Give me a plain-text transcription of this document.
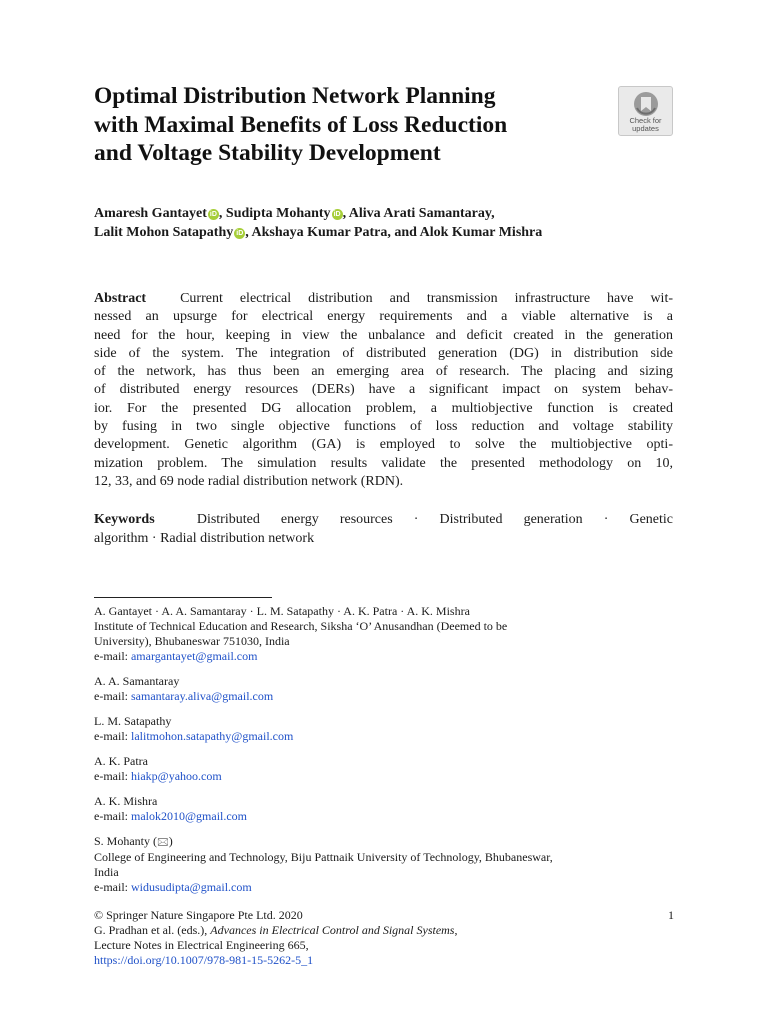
Optimal Distribution Network Planning
with Maximal Benefits of Loss Reduction
and Voltage Stability Development
Check for
updates
Amaresh Gantayet iD , Sudipta Mohanty iD , Aliva Arati Samantaray,
Lalit Mohon Satapathy iD , Akshaya Kumar Patra, and Alok Kumar Mishra
Abstract Current electrical distribution and transmission infrastructure have wit-
nessed an upsurge for electrical energy requirements and a viable alternative is a
need for the hour, keeping in view the unbalance and deficit created in the generation
side of the system. The integration of distributed generation (DG) in distribution side
of the network, has thus been an emerging area of research. The placing and sizing
of distributed energy resources (DERs) have a significant impact on system behav-
ior. For the presented DG allocation problem, a multiobjective function is created
by fusing in two single objective functions of loss reduction and voltage stability
development. Genetic algorithm (GA) is employed to solve the multiobjective opti-
mization problem. The simulation results validate the presented methodology on 10,
12, 33, and 69 node radial distribution network (RDN).
Keywords	Distributed energy resources · Distributed generation · Genetic
algorithm · Radial distribution network
A. Gantayet · A. A. Samantaray · L. M. Satapathy · A. K. Patra · A. K. Mishra
Institute of Technical Education and Research, Siksha ‘O’ Anusandhan (Deemed to be
University), Bhubaneswar 751030, India
e-mail: amargantayet@gmail.com
A. A. Samantaray
e-mail: samantaray.aliva@gmail.com
L. M. Satapathy
e-mail: lalitmohon.satapathy@gmail.com
A. K. Patra
e-mail: hiakp@yahoo.com
A. K. Mishra
e-mail: malok2010@gmail.com
S. Mohanty (🖂)
College of Engineering and Technology, Biju Pattnaik University of Technology, Bhubaneswar,
India
e-mail: widusudipta@gmail.com
© Springer Nature Singapore Pte Ltd. 2020	1
G. Pradhan et al. (eds.), Advances in Electrical Control and Signal Systems,
Lecture Notes in Electrical Engineering 665,
https://doi.org/10.1007/978-981-15-5262-5_1
